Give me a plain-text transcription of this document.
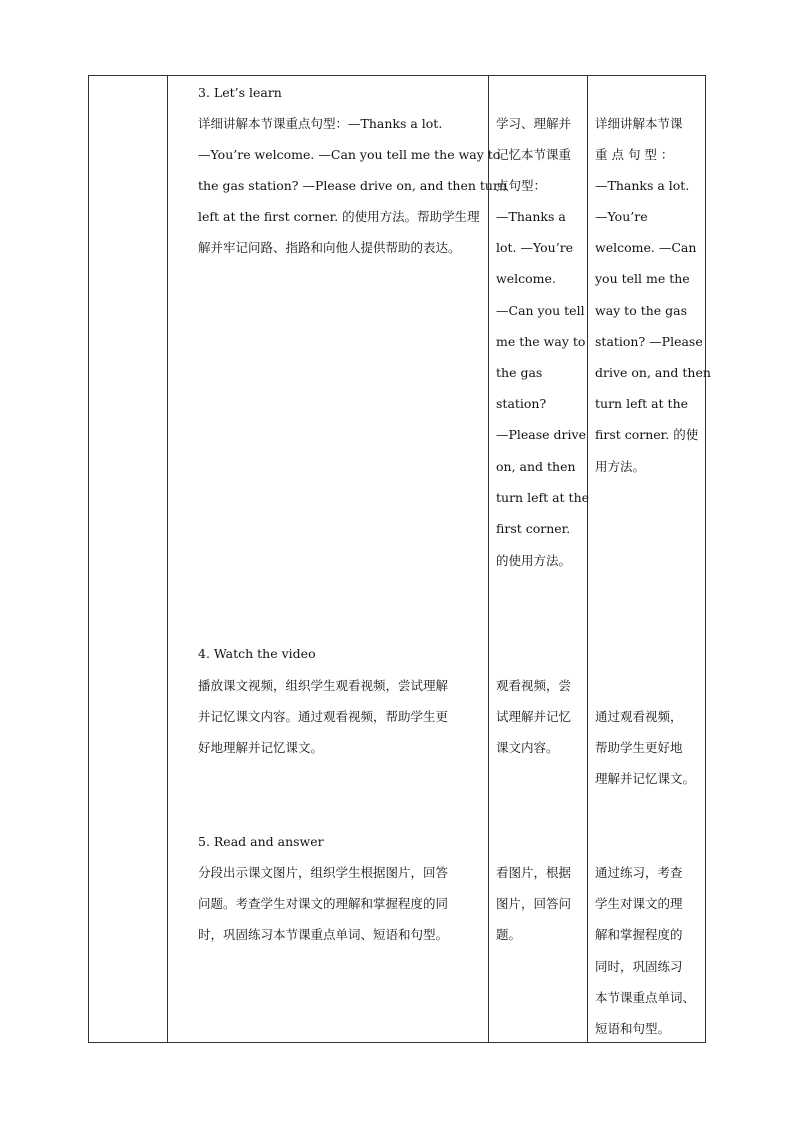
3. Let’s learn
详细讲解本节课重点句型：—Thanks a lot.
—You’re welcome. —Can you tell me the way to
the gas station? —Please drive on, and then turn
left at the first corner. 的使用方法。帮助学生理
解并牢记问路、指路和向他人提供帮助的表达。
4. Watch the video
播放课文视频，组织学生观看视频，尝试理解
并记忆课文内容。通过观看视频，帮助学生更
好地理解并记忆课文。
5. Read and answer
分段出示课文图片，组织学生根据图片，回答
问题。考查学生对课文的理解和掌握程度的同
时，巩固练习本节课重点单词、短语和句型。
学习、理解并
记忆本节课重
点句型：
—Thanks a
lot. —You’re
welcome.
—Can you tell
me the way to
the gas
station?
—Please drive
on, and then
turn left at the
first corner.
的使用方法。
观看视频，尝
试理解并记忆
课文内容。
看图片，根据
图片，回答问
题。
详细讲解本节课
重 点 句 型 ：
—Thanks a lot.
—You’re
welcome. —Can
you tell me the
way to the gas
station? —Please
drive on, and then
turn left at the
first corner. 的使
用方法。
通过观看视频，
帮助学生更好地
理解并记忆课文。
通过练习，考查
学生对课文的理
解和掌握程度的
同时，巩固练习
本节课重点单词、
短语和句型。
